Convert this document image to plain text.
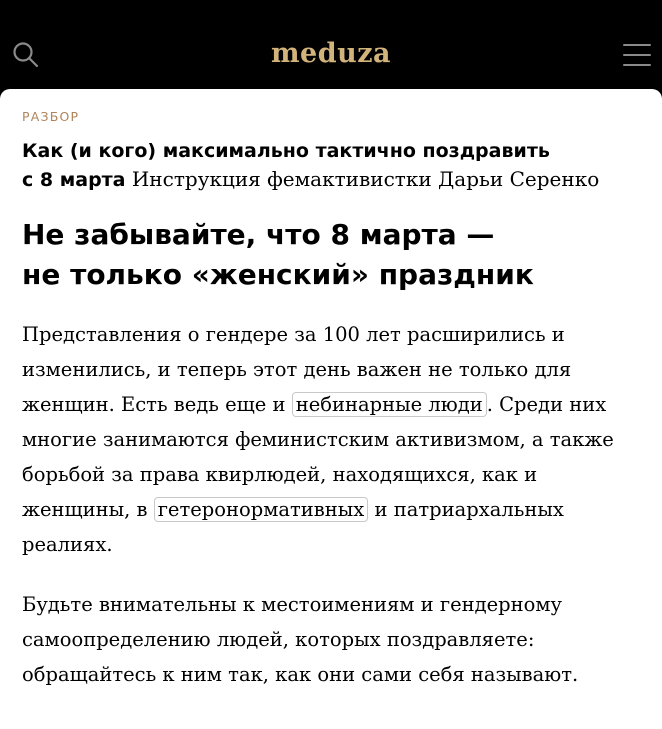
meduza
РАЗБОР
Как (и кого) максимально тактично поздравить
с 8 марта Инструкция фемактивистки Дарьи Серенко
Не забывайте, что 8 марта —
не только «женский» праздник
Представления о гендере за 100 лет расширились и изменились, и теперь этот день важен не только для женщин. Есть ведь еще и небинарные люди . Среди них многие занимаются феминистским активизмом, а также борьбой за права квирлюдей, находящихся, как и женщины, в гетеронормативных и патриархальных реалиях.
Будьте внимательны к местоимениям и гендерному самоопределению людей, которых поздравляете: обращайтесь к ним так, как они сами себя называют.
